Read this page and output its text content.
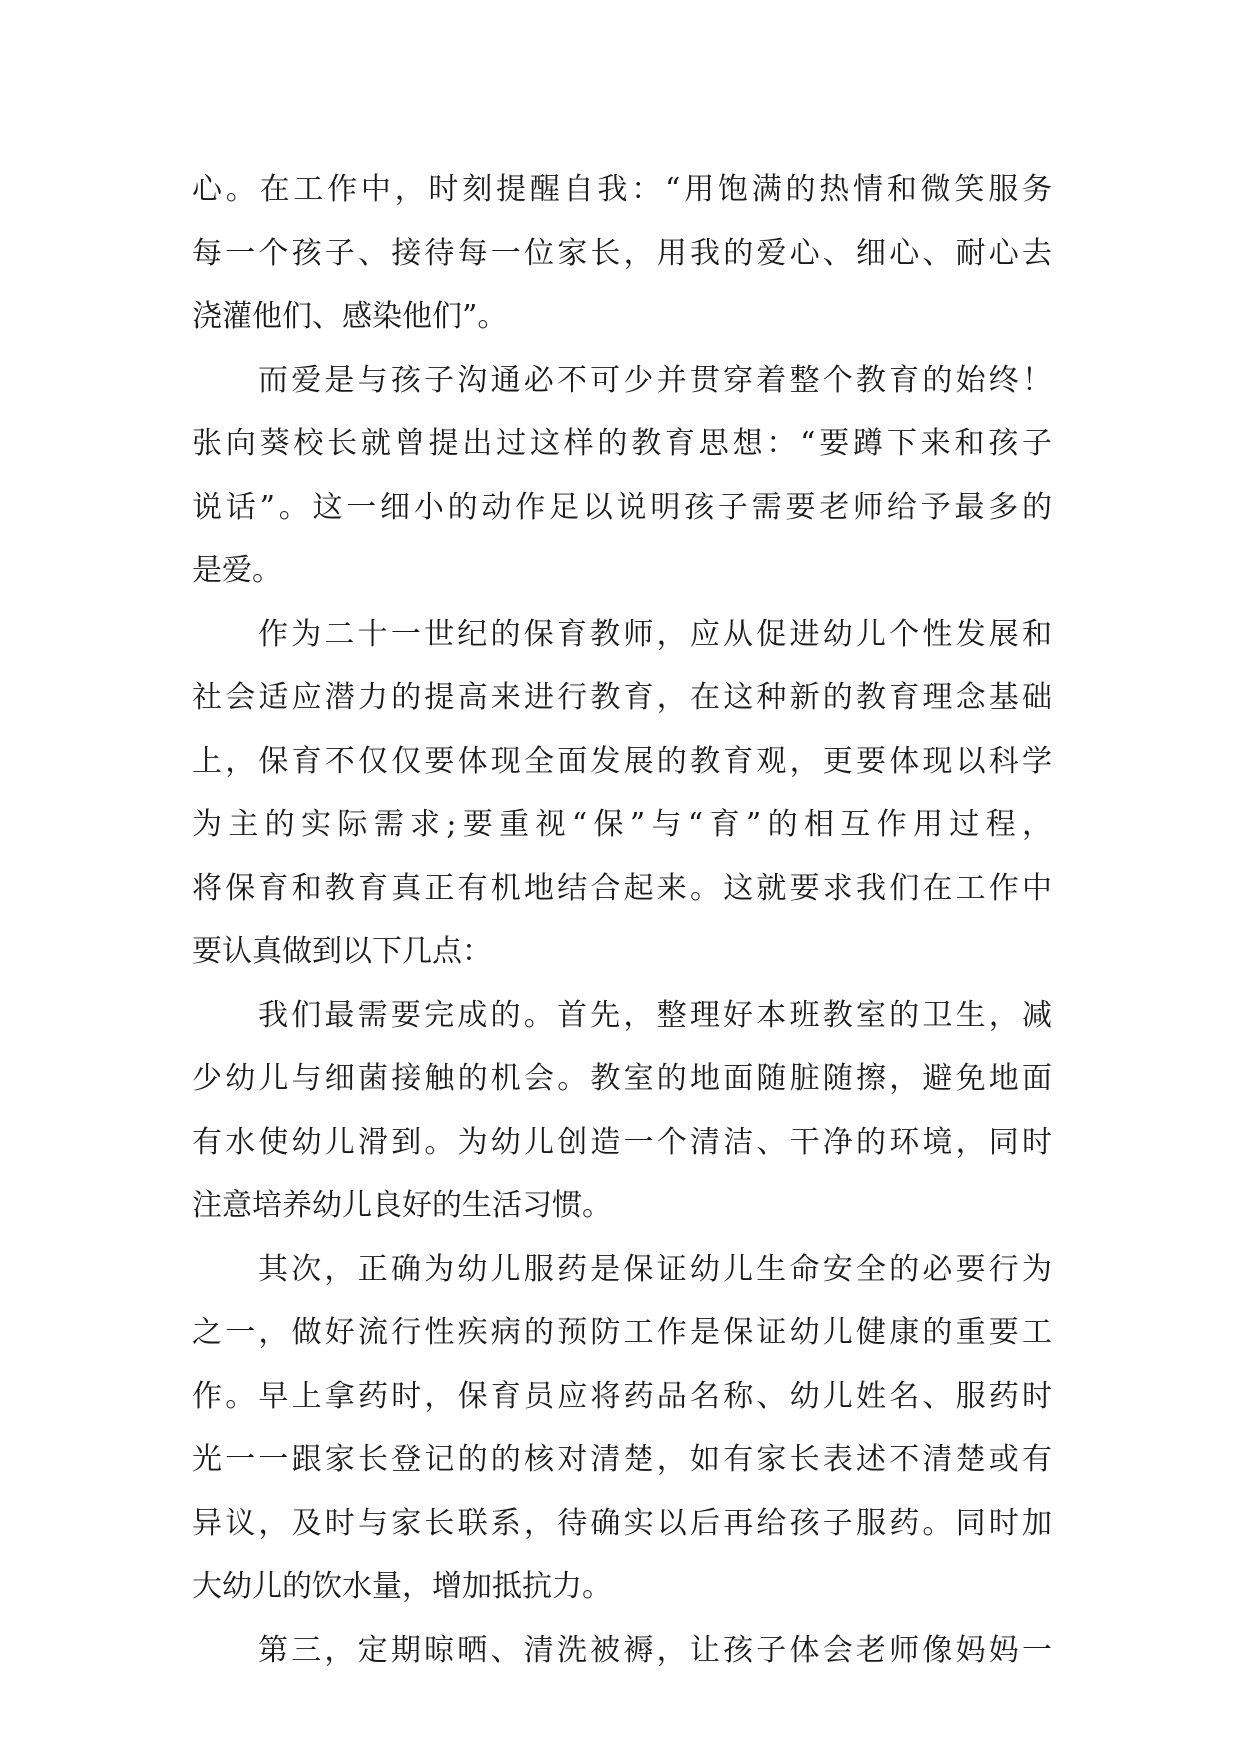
心。在工作中，时刻提醒自我：“用饱满的热情和微笑服务
每一个孩子、接待每一位家长，用我的爱心、细心、耐心去
浇灌他们、感染他们”。
而爱是与孩子沟通必不可少并贯穿着整个教育的始终！
张向葵校长就曾提出过这样的教育思想：“要蹲下来和孩子
说话”。这一细小的动作足以说明孩子需要老师给予最多的
是爱。
作为二十一世纪的保育教师，应从促进幼儿个性发展和
社会适应潜力的提高来进行教育，在这种新的教育理念基础
上，保育不仅仅要体现全面发展的教育观，更要体现以科学
为主的实际需求;要重视“保”与“育”的相互作用过程，
将保育和教育真正有机地结合起来。这就要求我们在工作中
要认真做到以下几点：
我们最需要完成的。首先，整理好本班教室的卫生，减
少幼儿与细菌接触的机会。教室的地面随脏随擦，避免地面
有水使幼儿滑到。为幼儿创造一个清洁、干净的环境，同时
注意培养幼儿良好的生活习惯。
其次，正确为幼儿服药是保证幼儿生命安全的必要行为
之一，做好流行性疾病的预防工作是保证幼儿健康的重要工
作。早上拿药时，保育员应将药品名称、幼儿姓名、服药时
光一一跟家长登记的的核对清楚，如有家长表述不清楚或有
异议，及时与家长联系，待确实以后再给孩子服药。同时加
大幼儿的饮水量，增加抵抗力。
第三，定期晾晒、清洗被褥，让孩子体会老师像妈妈一
